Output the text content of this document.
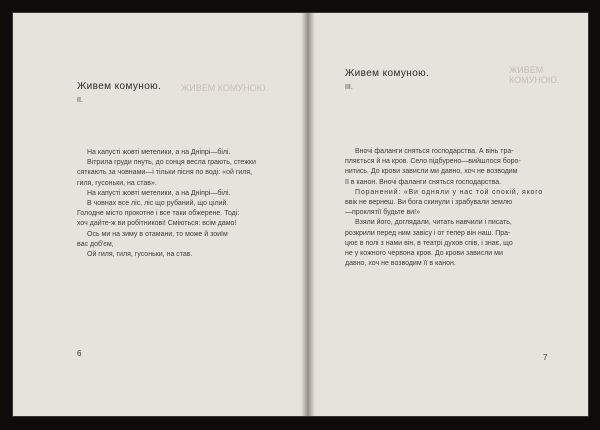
ЖИВЕМ КОМУНОЮ.
Живем комуною.
II.
На капусті жовті метелики, а на Дніпрі—білі.
Вітрила груди пнуть, до сонця весла грають, стежки
сяткають за човнами—і тільки пісня по воді: «ой гиля,
гиля, гусоньки, на став».
На капусті жовті метелики, а на Дніпрі—білі.
В човнах все ліс, ліс що рубаний, що цілий.
Голодне місто прокотне і все таки обжерене. Тоді:
хоч дайте-ж ви робітникові! Сміються: всім дамо!
Ось ми на зиму в отамани, то може й зоиїм
вас доб'єм,
Ой гиля, гиля, гусоньки, на став.
6
ЖИВЕМ КОМУНОЮ.
Живем комуною.
III.
Вночі фаланги сняться господарства. А вінь тра-
пляється й на кров. Село підбурено—вийшлося боро-
нитись. До крови зависли ми давно, хоч не возводим
її в канон. Вночі фаланги сняться господарства.
Поранений: «Ви одняли у нас той спокій, якого
ввік не вернеш. Ви бога скинули і зрабували землю
—проклятії будьте ви!»
Взяли його, доглядали, читать навчили і писать,
розкрили перед ним завісу і от тепер він наш. Пра-
цює в полі з нами він, в театрі духов спів, і знає, що
не у кожного червона кров. До крови зависли ми
давно, хоч не возводим її в канон.
7
